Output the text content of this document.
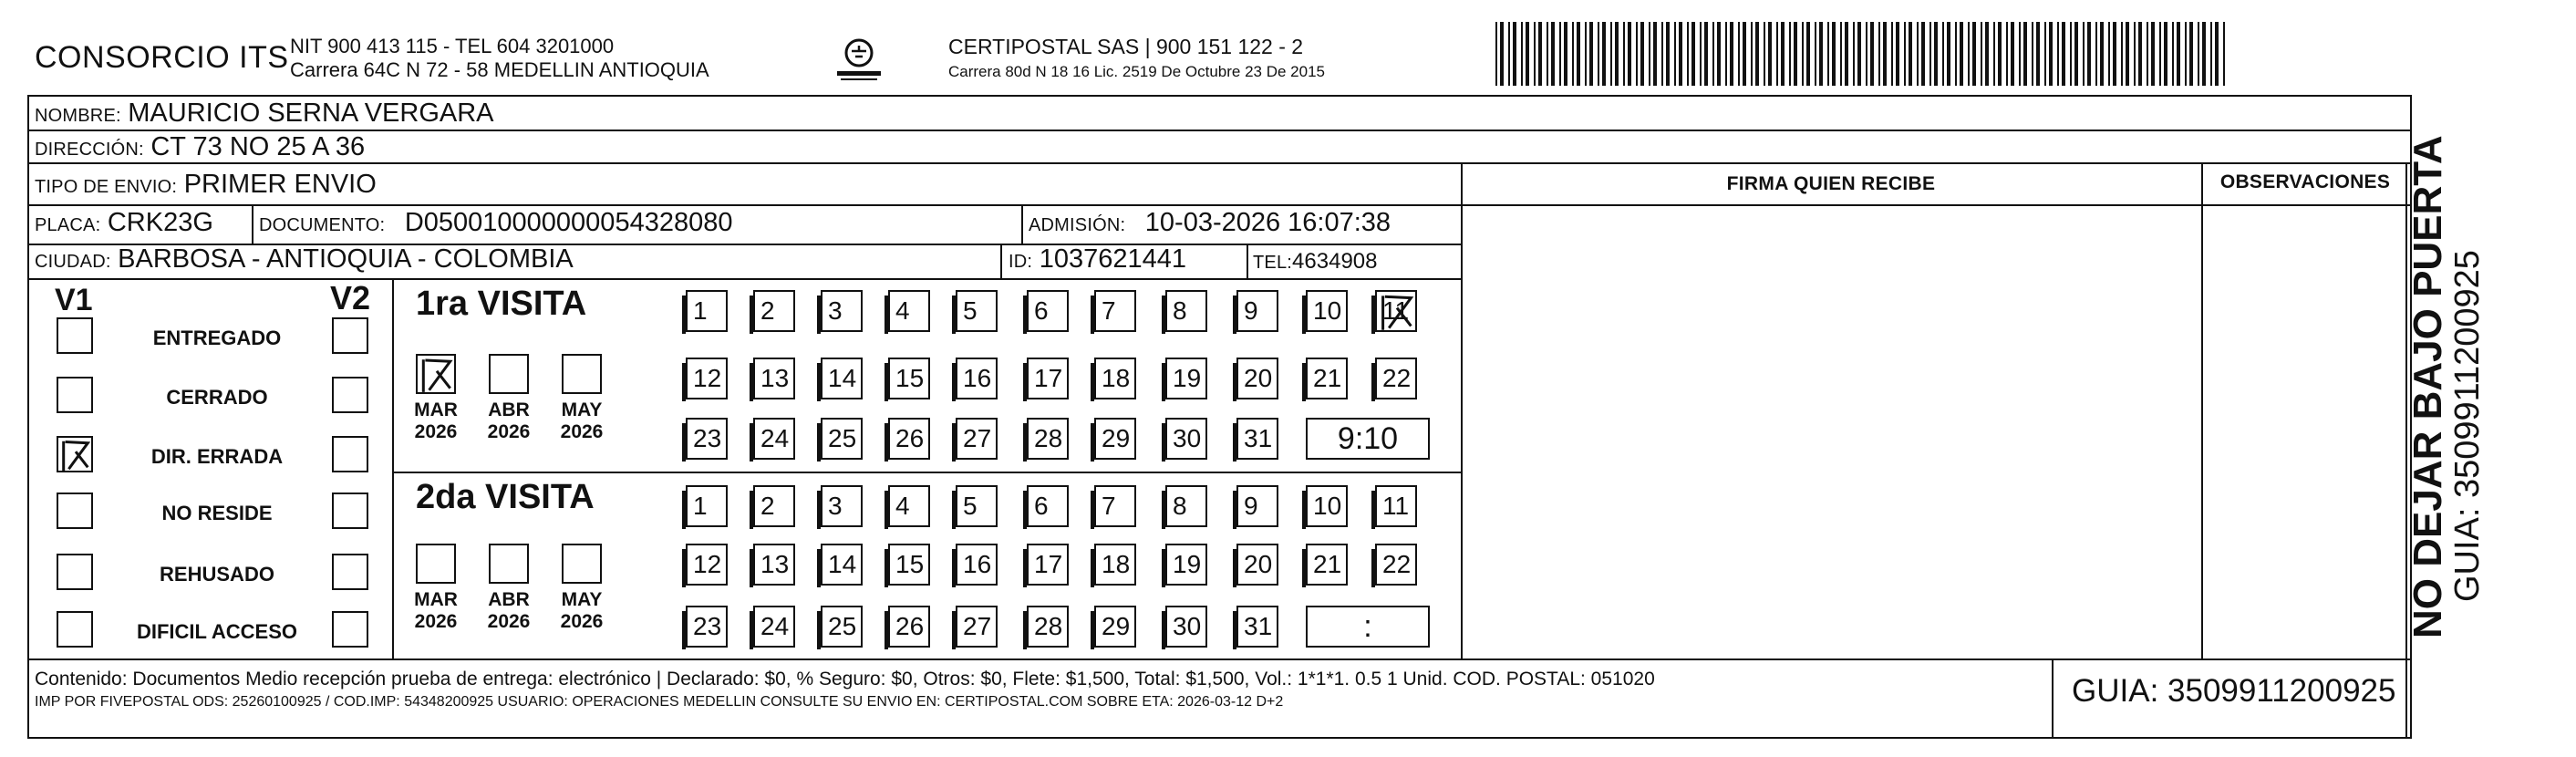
CONSORCIO ITS NIT 900 413 115 - TEL 604 3201000
Carrera 64C N 72 - 58 MEDELLIN ANTIOQUIA
CERTIPOSTAL SAS | 900 151 122 - 2
Carrera 80d N 18 16 Lic. 2519 De Octubre 23 De 2015
NOMBRE: MAURICIO SERNA VERGARA
DIRECCIÓN: CT 73 NO 25 A 36
TIPO DE ENVIO: PRIMER ENVIO
PLACA: CRK23G	DOCUMENTO: D050010000000054328080	ADMISIÓN: 10-03-2026 16:07:38
CIUDAD: BARBOSA - ANTIOQUIA - COLOMBIA	ID: 1037621441	TEL:4634908
FIRMA QUIEN RECIBE	OBSERVACIONES
V1	V2
ENTREGADO
CERRADO
DIR. ERRADA
NO RESIDE
REHUSADO
DIFICIL ACCESO
1ra VISITA
2da VISITA
MAR
2026
ABR
2026
MAY
2026
1	2	3	4	5	6	7	8	9	10 11
12 13 14 15 16 17 18 19 20 21 22
23 24 25 26 27 28 29 30 31	9:10
MAR
2026
ABR
2026
MAY
2026
1	2	3	4	5	6	7	8	9	10 11
12 13 14 15 16 17 18 19 20 21 22
23 24 25 26 27 28 29 30 31	:	NO DEJAR BAJO PUERTA
GUIA: 3509911200925
Contenido: Documentos Medio recepción prueba de entrega: electrónico | Declarado: $0, % Seguro: $0, Otros: $0, Flete: $1,500, Total: $1,500, Vol.: 1*1*1. 0.5 1 Unid. COD. POSTAL: 051020
IMP POR FIVEPOSTAL ODS: 25260100925 / COD.IMP: 54348200925 USUARIO: OPERACIONES MEDELLIN CONSULTE SU ENVIO EN: CERTIPOSTAL.COM SOBRE ETA: 2026-03-12 D+2	GUIA: 3509911200925
